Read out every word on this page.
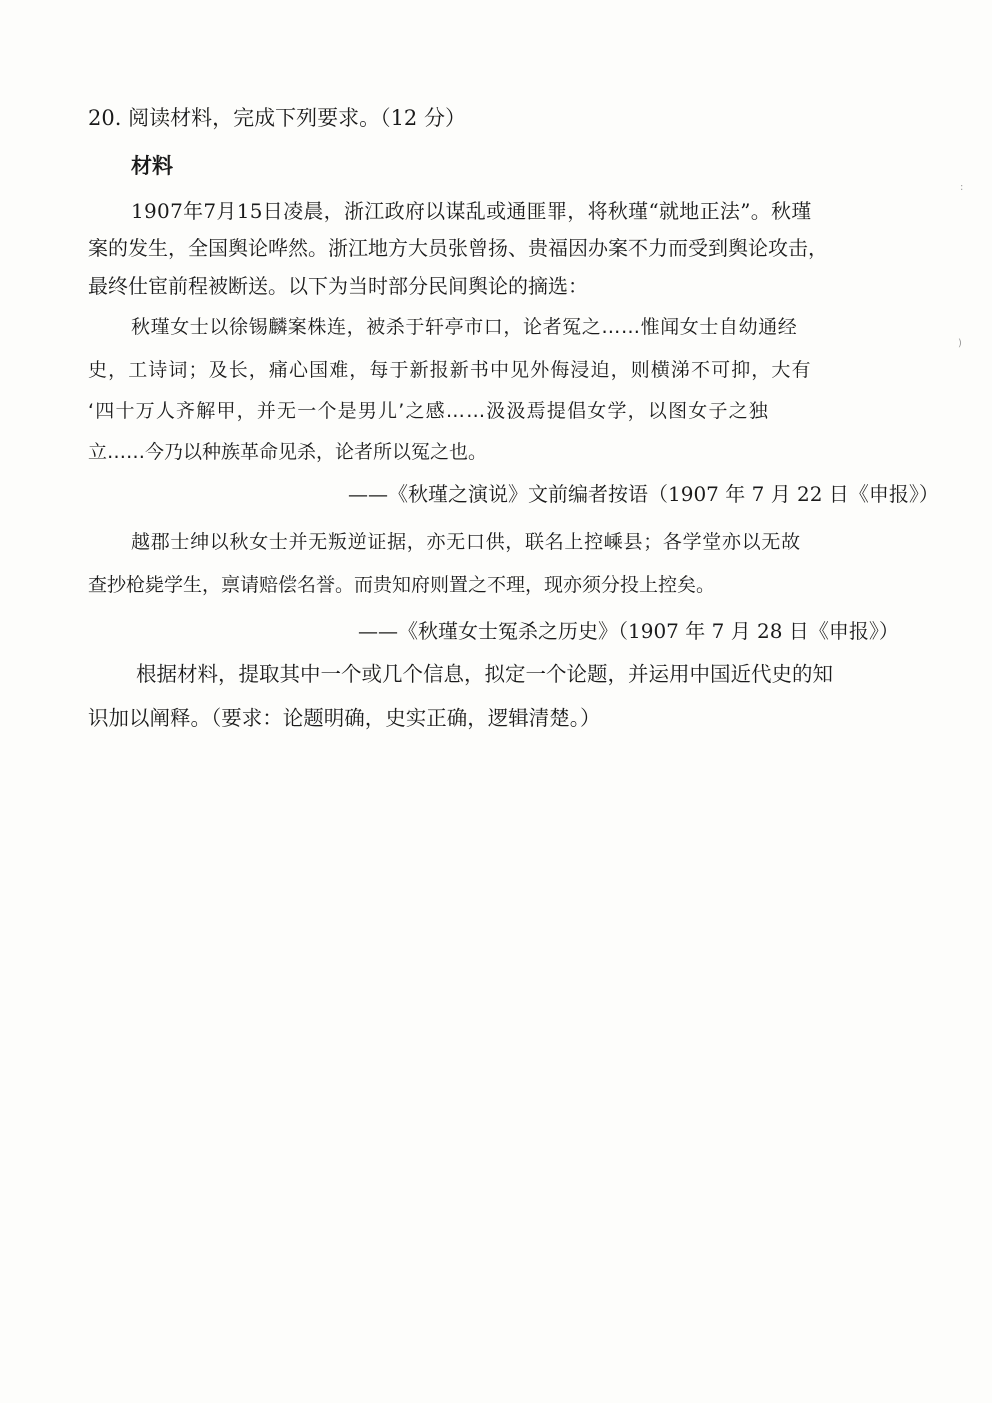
20. 阅读材料，完成下列要求。（12 分）
材料
1907年7月15日凌晨，浙江政府以谋乱或通匪罪，将秋瑾“就地正法”。秋瑾
案的发生，全国舆论哗然。浙江地方大员张曾扬、贵福因办案不力而受到舆论攻击，
最终仕宦前程被断送。以下为当时部分民间舆论的摘选：
秋瑾女士以徐锡麟案株连，被杀于轩亭市口，论者冤之……惟闻女士自幼通经
史，工诗词；及长，痛心国难，每于新报新书中见外侮浸迫，则横涕不可抑，大有
‘四十万人齐解甲，并无一个是男儿’之感……汲汲焉提倡女学，以图女子之独
立……今乃以种族革命见杀，论者所以冤之也。
——《秋瑾之演说》文前编者按语（1907 年 7 月 22 日《申报》）
越郡士绅以秋女士并无叛逆证据，亦无口供，联名上控嵊县；各学堂亦以无故
查抄枪毙学生，禀请赔偿名誉。而贵知府则置之不理，现亦须分投上控矣。
——《秋瑾女士冤杀之历史》（1907 年 7 月 28 日《申报》）
根据材料，提取其中一个或几个信息，拟定一个论题，并运用中国近代史的知
识加以阐释。（要求：论题明确，史实正确，逻辑清楚。）
:
)
